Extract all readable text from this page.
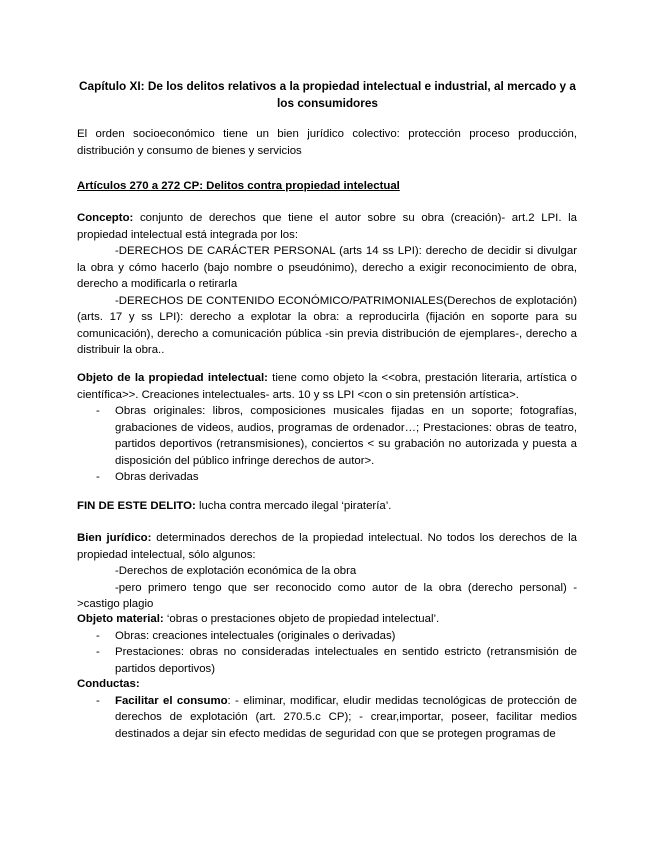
Capítulo XI: De los delitos relativos a la propiedad intelectual e industrial, al mercado y a los consumidores
El orden socioeconómico tiene un bien jurídico colectivo: protección proceso producción, distribución y consumo de bienes y servicios
Artículos 270 a 272 CP: Delitos contra propiedad intelectual
Concepto: conjunto de derechos que tiene el autor sobre su obra (creación)- art.2 LPI. la propiedad intelectual está integrada por los:
-DERECHOS DE CARÁCTER PERSONAL (arts 14 ss LPI): derecho de decidir si divulgar la obra y cómo hacerlo (bajo nombre o pseudónimo), derecho a exigir reconocimiento de obra, derecho a modificarla o retirarla
-DERECHOS DE CONTENIDO ECONÓMICO/PATRIMONIALES(Derechos de explotación) (arts. 17 y ss LPI): derecho a explotar la obra: a reproducirla (fijación en soporte para su comunicación), derecho a comunicación pública -sin previa distribución de ejemplares-, derecho a distribuir la obra..
Objeto de la propiedad intelectual: tiene como objeto la <<obra, prestación literaria, artística o científica>>. Creaciones intelectuales- arts. 10 y ss LPI <con o sin pretensión artística>.
- Obras originales: libros, composiciones musicales fijadas en un soporte; fotografías, grabaciones de videos, audios, programas de ordenador…; Prestaciones: obras de teatro, partidos deportivos (retransmisiones), conciertos < su grabación no autorizada y puesta a disposición del público infringe derechos de autor>.
- Obras derivadas
FIN DE ESTE DELITO: lucha contra mercado ilegal ‘piratería’.
Bien jurídico: determinados derechos de la propiedad intelectual. No todos los derechos de la propiedad intelectual, sólo algunos:
-Derechos de explotación económica de la obra
-pero primero tengo que ser reconocido como autor de la obra (derecho personal) ->castigo plagio
Objeto material: ‘obras o prestaciones objeto de propiedad intelectual’.
- Obras: creaciones intelectuales (originales o derivadas)
- Prestaciones: obras no consideradas intelectuales en sentido estricto (retransmisión de partidos deportivos)
Conductas:
- Facilitar el consumo: - eliminar, modificar, eludir medidas tecnológicas de protección de derechos de explotación (art. 270.5.c CP); - crear,importar, poseer, facilitar medios destinados a dejar sin efecto medidas de seguridad con que se protegen programas de
